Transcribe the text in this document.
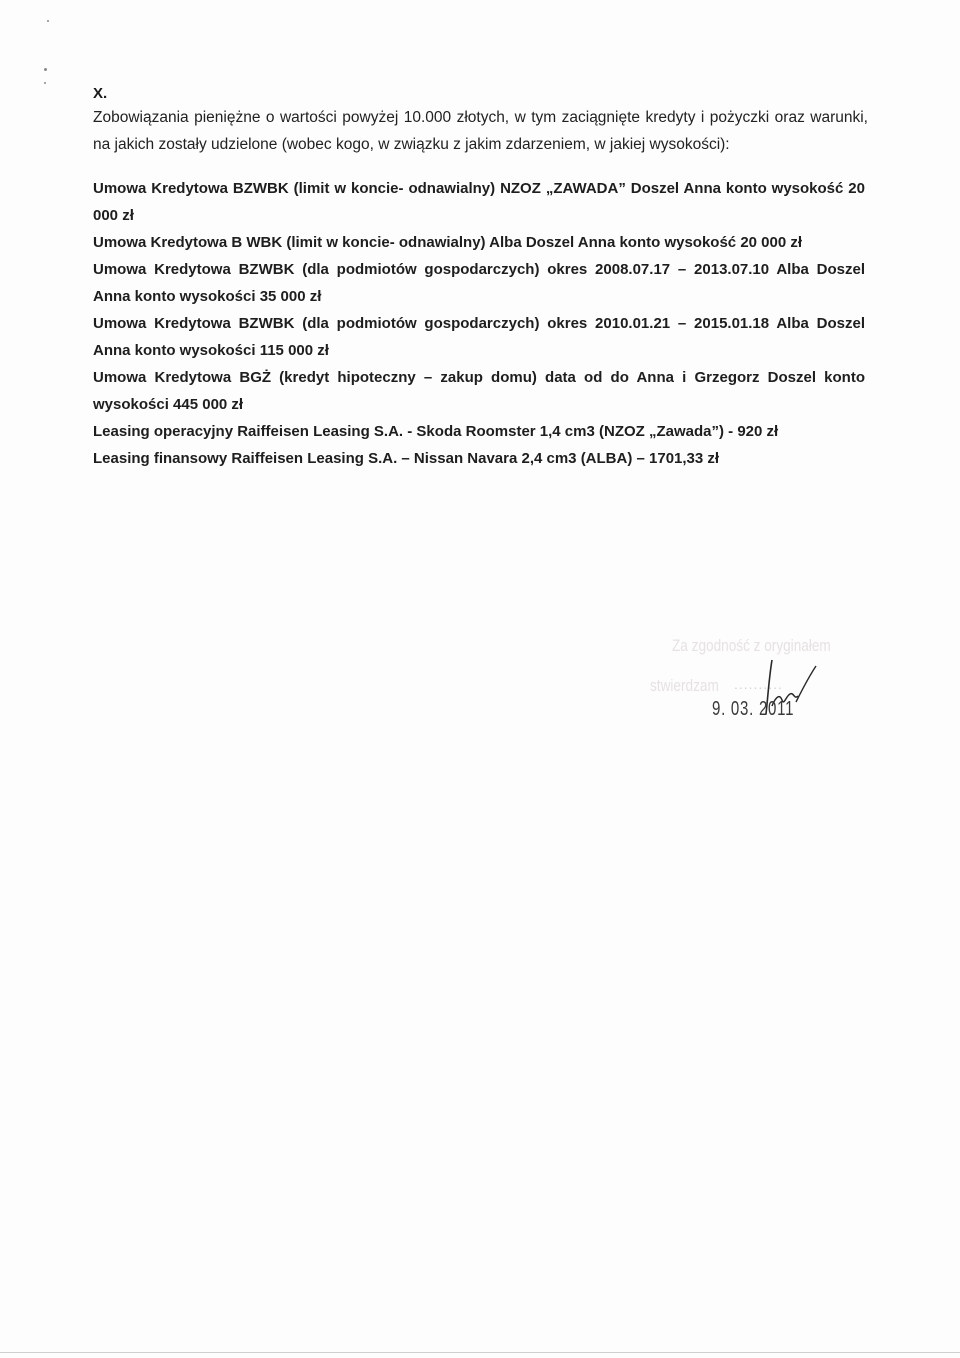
X.

Zobowiązania pieniężne o wartości powyżej 10.000 złotych, w tym zaciągnięte kredyty i pożyczki oraz warunki, na jakich zostały udzielone (wobec kogo, w związku z jakim zdarzeniem, w jakiej wysokości):

Umowa Kredytowa BZWBK (limit w koncie- odnawialny) NZOZ „ZAWADA” Doszel Anna konto wysokość 20 000 zł

Umowa Kredytowa B WBK (limit w koncie- odnawialny) Alba Doszel Anna konto wysokość 20 000 zł

Umowa Kredytowa BZWBK (dla podmiotów gospodarczych) okres 2008.07.17 – 2013.07.10 Alba Doszel Anna konto wysokości 35 000 zł

Umowa Kredytowa BZWBK (dla podmiotów gospodarczych) okres 2010.01.21 – 2015.01.18 Alba Doszel Anna konto wysokości 115 000 zł

Umowa Kredytowa BGŻ (kredyt hipoteczny – zakup domu) data od do Anna i Grzegorz Doszel konto wysokości 445 000 zł

Leasing operacyjny Raiffeisen Leasing S.A. - Skoda Roomster 1,4 cm3 (NZOZ „Zawada”) - 920 zł

Leasing finansowy Raiffeisen Leasing S.A. – Nissan Navara 2,4 cm3 (ALBA) – 1701,33 zł

Za zgodność z oryginałem
stwierdzam ..........
9. 03. 2011
